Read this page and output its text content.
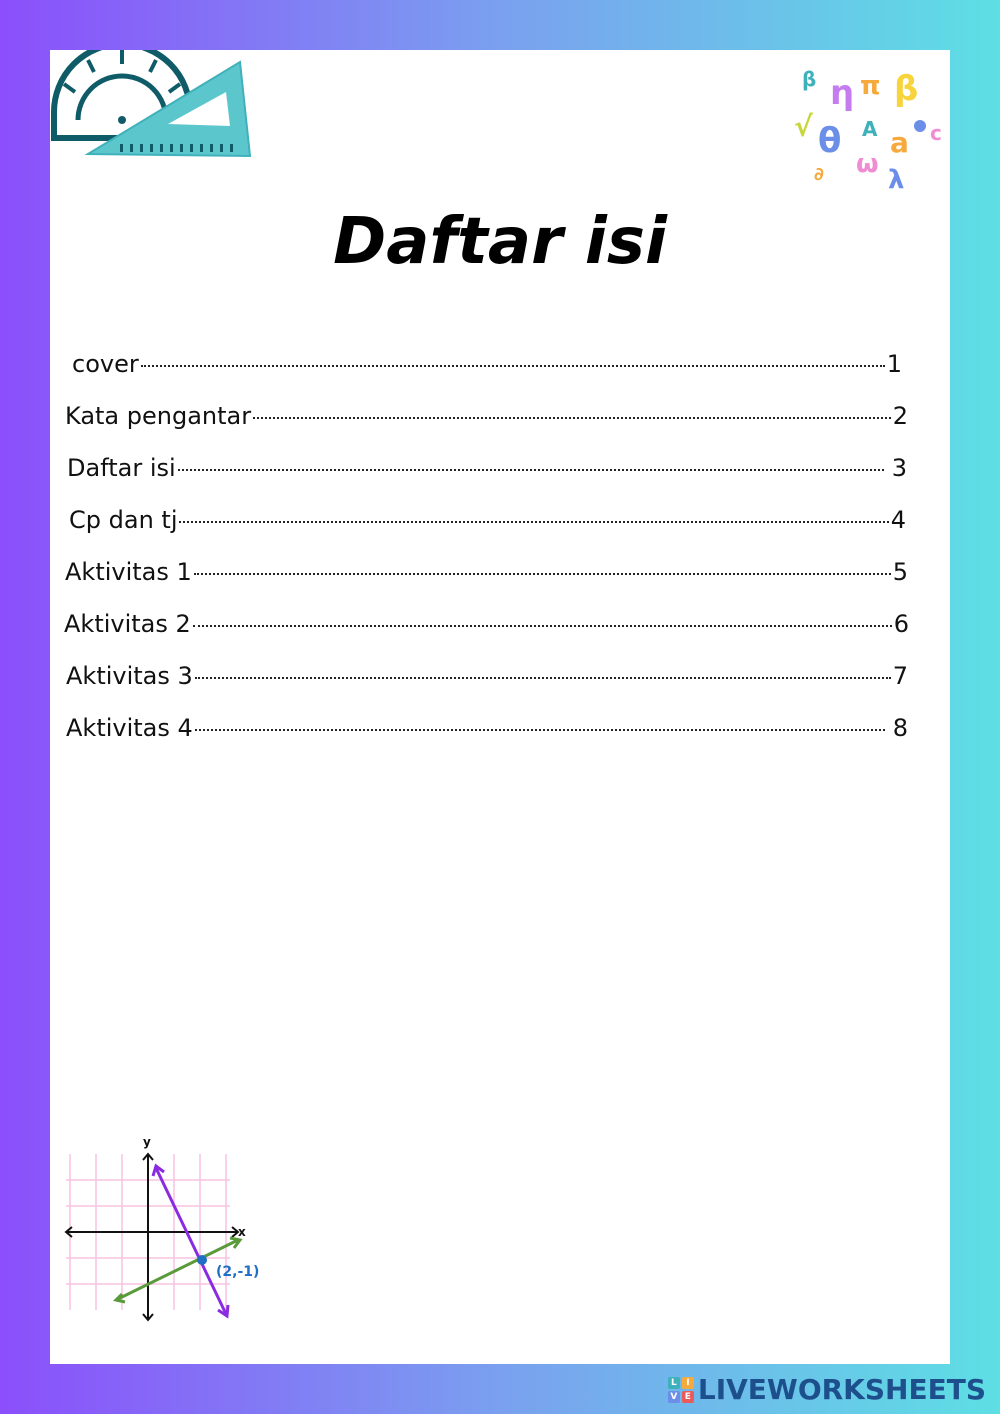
β η π β
√ θ A a c
ω
λ
∂
Daftar isi
cover	1
Kata pengantar	2
Daftar isi	3
Cp dan tj	4
Aktivitas 1	5
Aktivitas 2	6
Aktivitas 3	7
Aktivitas 4	8
y
x
(2,-1)
L	I
V E LIVEWORKSHEETS
